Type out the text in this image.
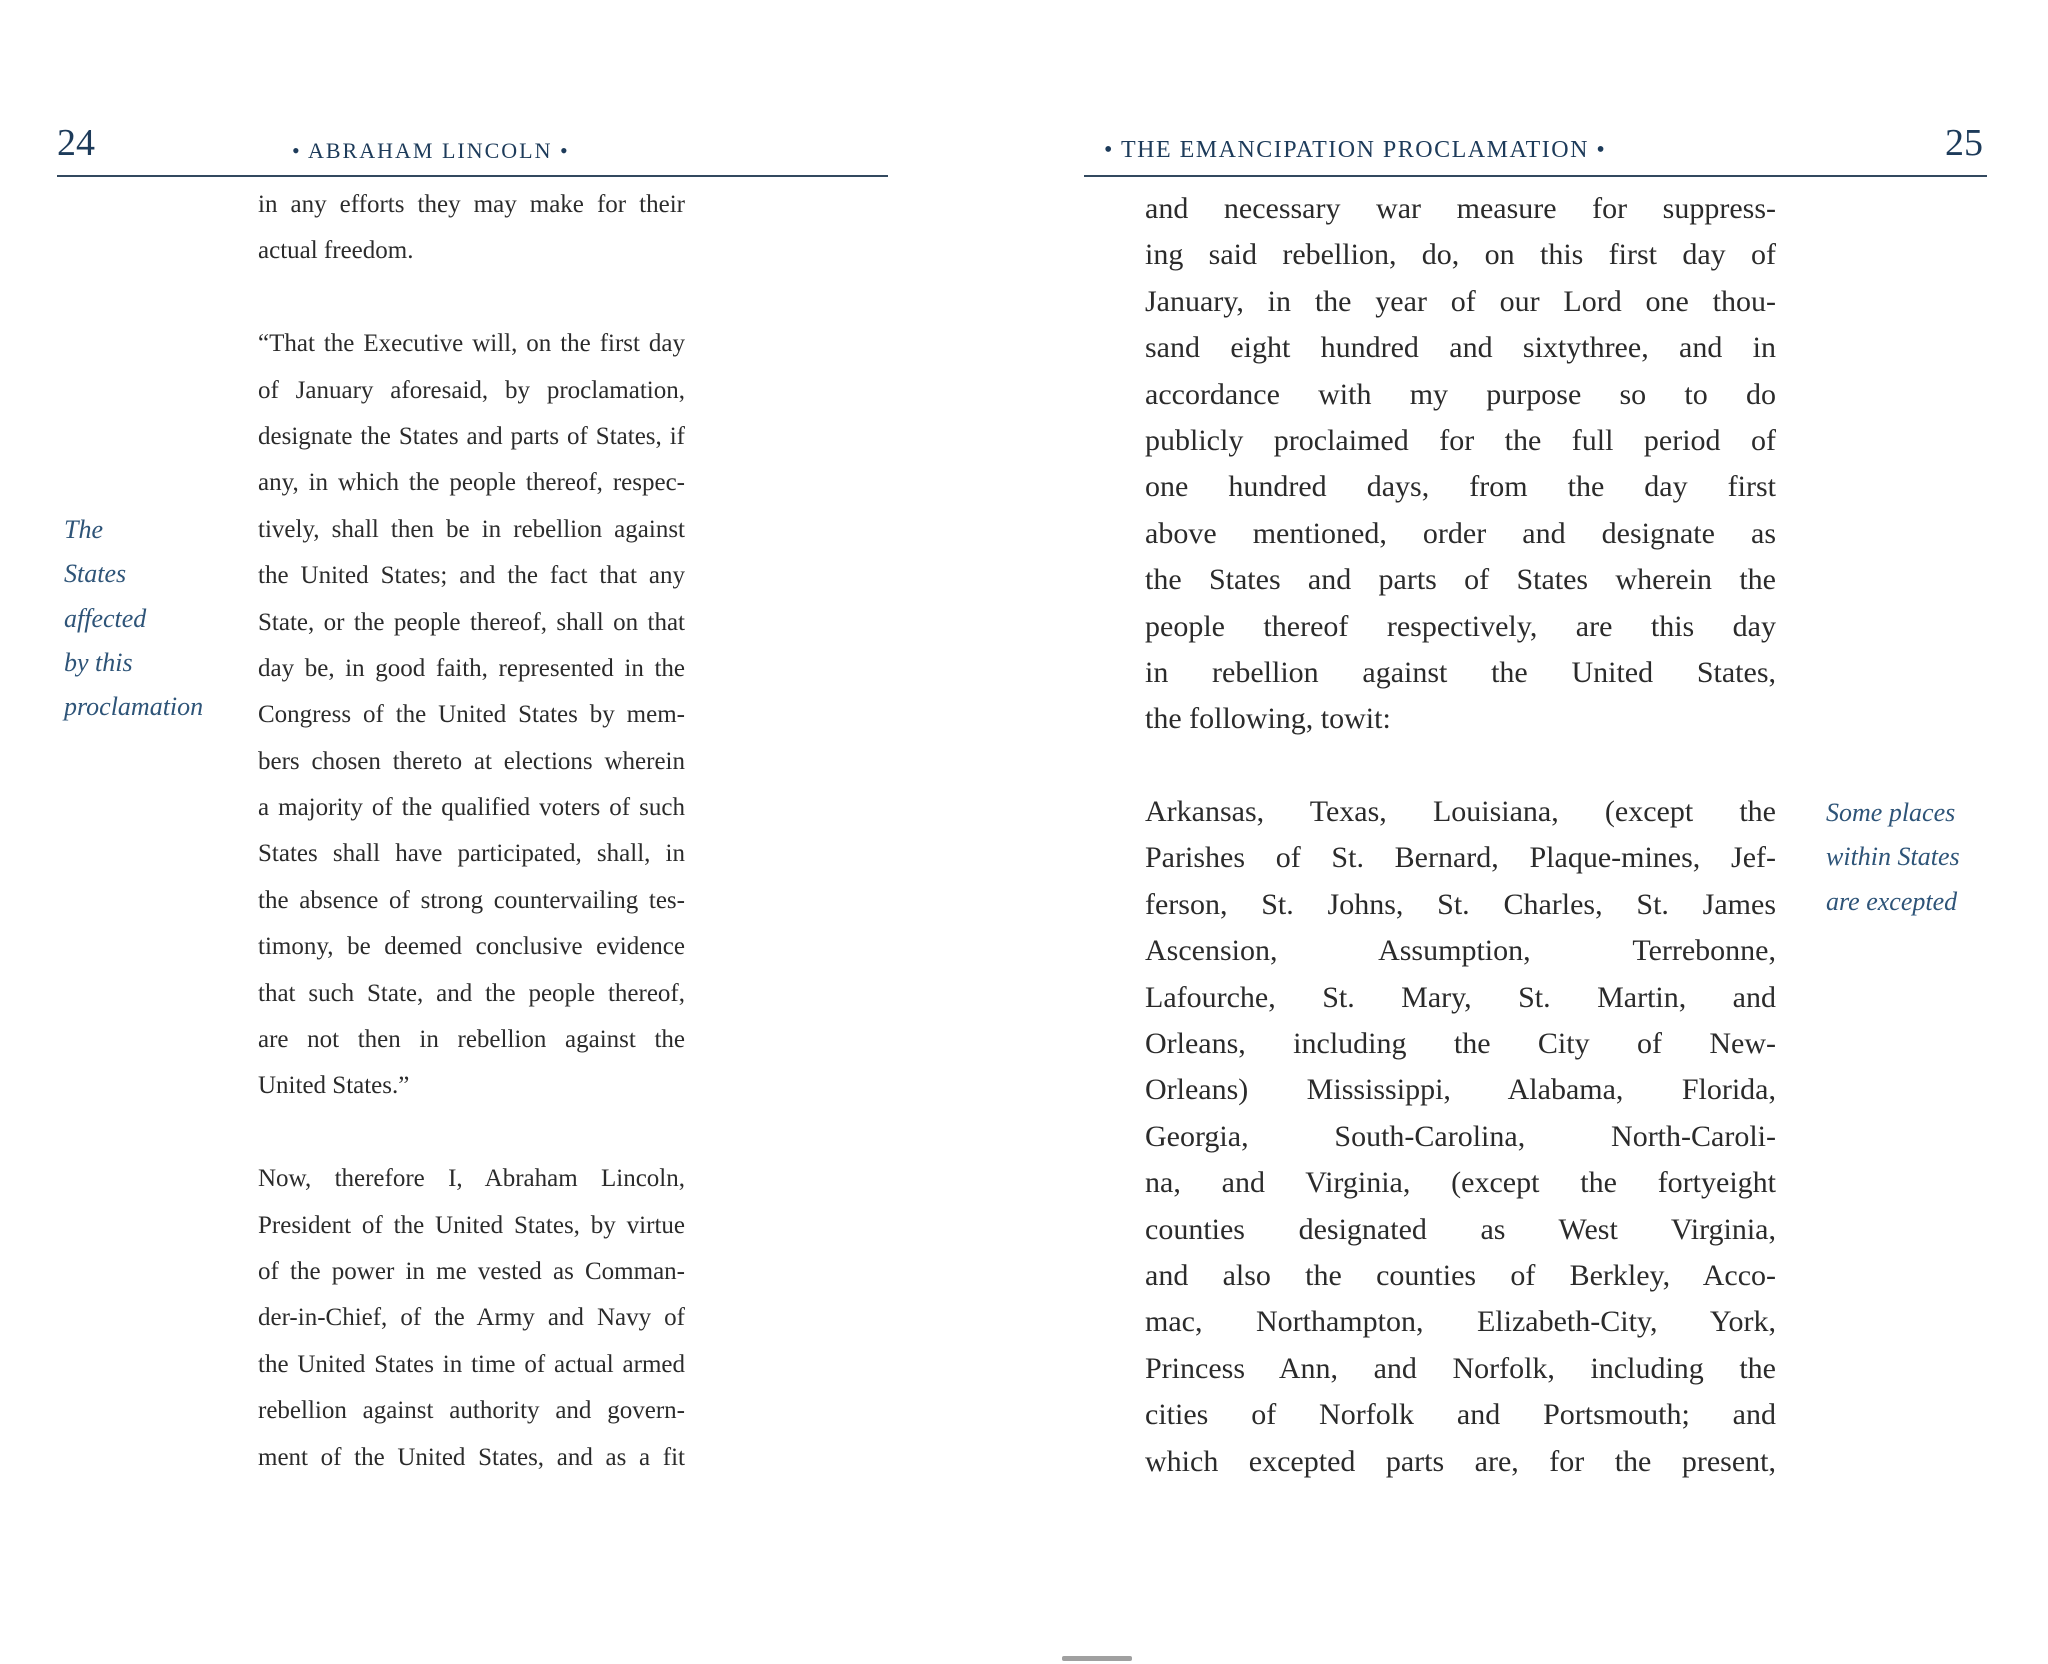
24	• ABRAHAM LINCOLN •
The
States
affected
by this
proclamation
in any efforts they may make for their
actual freedom.
“That the Executive will, on the first day
of January aforesaid, by proclamation,
designate the States and parts of States, if
any, in which the people thereof, respec-
tively, shall then be in rebellion against
the United States; and the fact that any
State, or the people thereof, shall on that
day be, in good faith, represented in the
Congress of the United States by mem-
bers chosen thereto at elections wherein
a majority of the qualified voters of such
States shall have participated, shall, in
the absence of strong countervailing tes-
timony, be deemed conclusive evidence
that such State, and the people thereof,
are not then in rebellion against the
United States.”
Now, therefore I, Abraham Lincoln,
President of the United States, by virtue
of the power in me vested as Comman-
der-in-Chief, of the Army and Navy of
the United States in time of actual armed
rebellion against authority and govern-
ment of the United States, and as a fit
• THE EMANCIPATION PROCLAMATION •	25
Some places
within States
are excepted
and necessary war measure for suppress-
ing said rebellion, do, on this first day of
January, in the year of our Lord one thou-
sand eight hundred and sixtythree, and in
accordance with my purpose so to do
publicly proclaimed for the full period of
one hundred days, from the day first
above mentioned, order and designate as
the States and parts of States wherein the
people thereof respectively, are this day
in rebellion against the United States,
the following, towit:
Arkansas, Texas, Louisiana, (except the
Parishes of St. Bernard, Plaque-mines, Jef-
ferson, St. Johns, St. Charles, St. James
Ascension, Assumption, Terrebonne,
Lafourche, St. Mary, St. Martin, and
Orleans, including the City of New-
Orleans) Mississippi, Alabama, Florida,
Georgia, South-Carolina, North-Caroli-
na, and Virginia, (except the fortyeight
counties designated as West Virginia,
and also the counties of Berkley, Acco-
mac, Northampton, Elizabeth-City, York,
Princess Ann, and Norfolk, including the
cities of Norfolk and Portsmouth; and
which excepted parts are, for the present,
